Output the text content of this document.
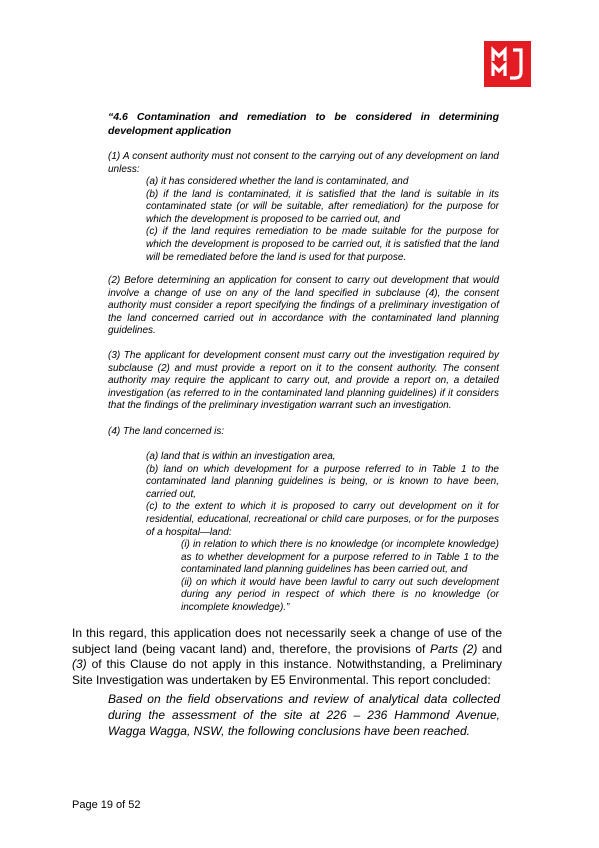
“4.6 Contamination and remediation to be considered in determining development application

(1) A consent authority must not consent to the carrying out of any development on land unless:

(a) it has considered whether the land is contaminated, and

(b) if the land is contaminated, it is satisfied that the land is suitable in its contaminated state (or will be suitable, after remediation) for the purpose for which the development is proposed to be carried out, and

(c) if the land requires remediation to be made suitable for the purpose for which the development is proposed to be carried out, it is satisfied that the land will be remediated before the land is used for that purpose.

(2) Before determining an application for consent to carry out development that would involve a change of use on any of the land specified in subclause (4), the consent authority must consider a report specifying the findings of a preliminary investigation of the land concerned carried out in accordance with the contaminated land planning guidelines.

(3) The applicant for development consent must carry out the investigation required by subclause (2) and must provide a report on it to the consent authority. The consent authority may require the applicant to carry out, and provide a report on, a detailed investigation (as referred to in the contaminated land planning guidelines) if it considers that the findings of the preliminary investigation warrant such an investigation.

(4) The land concerned is:

(a) land that is within an investigation area,

(b) land on which development for a purpose referred to in Table 1 to the contaminated land planning guidelines is being, or is known to have been, carried out,

(c) to the extent to which it is proposed to carry out development on it for residential, educational, recreational or child care purposes, or for the purposes of a hospital—land:

(i) in relation to which there is no knowledge (or incomplete knowledge) as to whether development for a purpose referred to in Table 1 to the contaminated land planning guidelines has been carried out, and

(ii) on which it would have been lawful to carry out such development during any period in respect of which there is no knowledge (or incomplete knowledge).”

In this regard, this application does not necessarily seek a change of use of the subject land (being vacant land) and, therefore, the provisions of Parts (2) and (3) of this Clause do not apply in this instance. Notwithstanding, a Preliminary Site Investigation was undertaken by E5 Environmental. This report concluded:

Based on the field observations and review of analytical data collected during the assessment of the site at 226 – 236 Hammond Avenue, Wagga Wagga, NSW, the following conclusions have been reached.

Page 19 of 52
